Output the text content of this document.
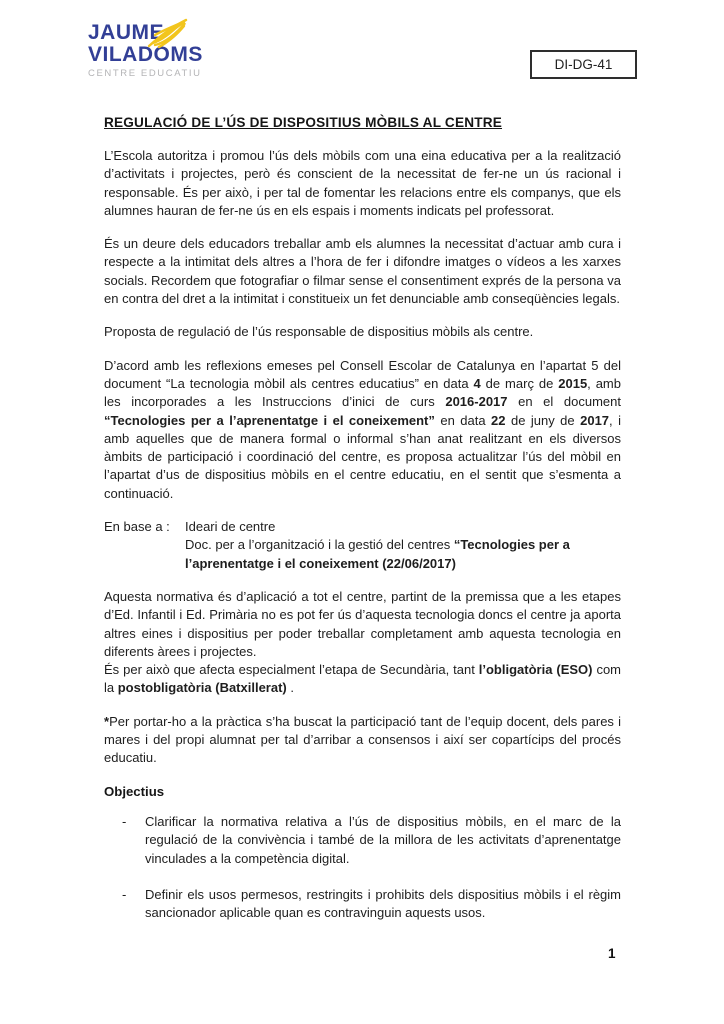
JAUME
VILADOMS
CENTRE EDUCATIU
DI-DG-41
REGULACIÓ DE L’ÚS DE DISPOSITIUS MÒBILS AL CENTRE

L’Escola autoritza i promou l’ús dels mòbils com una eina educativa per a la realització d’activitats i projectes, però és conscient de la necessitat de fer-ne un ús racional i responsable. És per això, i per tal de fomentar les relacions entre els companys, que els alumnes hauran de fer-ne ús en els espais i moments indicats pel professorat.

És un deure dels educadors treballar amb els alumnes la necessitat d’actuar amb cura i respecte a la intimitat dels altres a l’hora de fer i difondre imatges o vídeos a les xarxes socials. Recordem que fotografiar o filmar sense el consentiment exprés de la persona va en contra del dret a la intimitat i constitueix un fet denunciable amb conseqüències legals.

Proposta de regulació de l’ús responsable de dispositius mòbils als centre.

D’acord amb les reflexions emeses pel Consell Escolar de Catalunya en l’apartat 5 del document “La tecnologia mòbil als centres educatius” en data 4 de març de 2015, amb les incorporades a les Instruccions d’inici de curs 2016-2017 en el document “Tecnologies per a l’aprenentatge i el coneixement” en data 22 de juny de 2017, i amb aquelles que de manera formal o informal s’han anat realitzant en els diversos àmbits de participació i coordinació del centre, es proposa actualitzar l’ús del mòbil en l’apartat d’us de dispositius mòbils en el centre educatiu, en el sentit que s’esmenta a continuació.

En base a :	Ideari de centre
Doc. per a l’organització i la gestió del centres “Tecnologies per a l’aprenentatge i el coneixement (22/06/2017)

Aquesta normativa és d’aplicació a tot el centre, partint de la premissa que a les etapes d’Ed. Infantil i Ed. Primària no es pot fer ús d’aquesta tecnologia doncs el centre ja aporta altres eines i dispositius per poder treballar completament amb aquesta tecnologia en diferents àrees i projectes.

És per això que afecta especialment l’etapa de Secundària, tant l’obligatòria (ESO) com la postobligatòria (Batxillerat) .

*Per portar-ho a la pràctica s’ha buscat la participació tant de l’equip docent, dels pares i mares i del propi alumnat per tal d’arribar a consensos i així ser copartícips del procés educatiu.

Objectius
-	Clarificar la normativa relativa a l’ús de dispositius mòbils, en el marc de la regulació de la convivència i també de la millora de les activitats d’aprenentatge vinculades a la competència digital.
-	Definir els usos permesos, restringits i prohibits dels dispositius mòbils i el règim sancionador aplicable quan es contravinguin aquests usos.
1
